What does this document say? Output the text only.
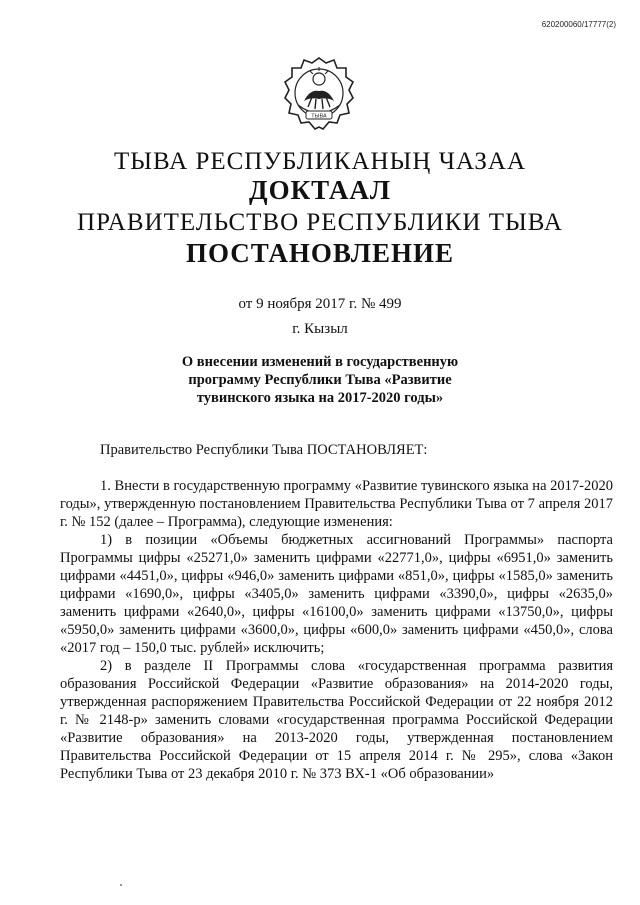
620200060/17777(2)
ТЫВА
ТЫВА РЕСПУБЛИКАНЫҢ ЧАЗАА
ДОКТААЛ
ПРАВИТЕЛЬСТВО РЕСПУБЛИКИ ТЫВА
ПОСТАНОВЛЕНИЕ
от 9 ноября 2017 г. № 499
г. Кызыл
О внесении изменений в государственную программу Республики Тыва «Развитие тувинского языка на 2017-2020 годы»

Правительство Республики Тыва ПОСТАНОВЛЯЕТ:

1. Внести в государственную программу «Развитие тувинского языка на 2017-2020 годы», утвержденную постановлением Правительства Республики Тыва от 7 апреля 2017 г. № 152 (далее – Программа), следующие изменения:

1) в позиции «Объемы бюджетных ассигнований Программы» паспорта Программы цифры «25271,0» заменить цифрами «22771,0», цифры «6951,0» заменить цифрами «4451,0», цифры «946,0» заменить цифрами «851,0», цифры «1585,0» заменить цифрами «1690,0», цифры «3405,0» заменить цифрами «3390,0», цифры «2635,0» заменить цифрами «2640,0», цифры «16100,0» заменить цифрами «13750,0», цифры «5950,0» заменить цифрами «3600,0», цифры «600,0» заменить цифрами «450,0», слова «2017 год – 150,0 тыс. рублей» исключить;

2) в разделе II Программы слова «государственная программа развития образования Российской Федерации «Развитие образования» на 2014-2020 годы, утвержденная распоряжением Правительства Российской Федерации от 22 ноября 2012 г. № 2148-р» заменить словами «государственная программа Российской Федерации «Развитие образования» на 2013-2020 годы, утвержденная постановлением Правительства Российской Федерации от 15 апреля 2014 г. № 295», слова «Закон Республики Тыва от 23 декабря 2010 г. № 373 ВХ-1 «Об образовании»
